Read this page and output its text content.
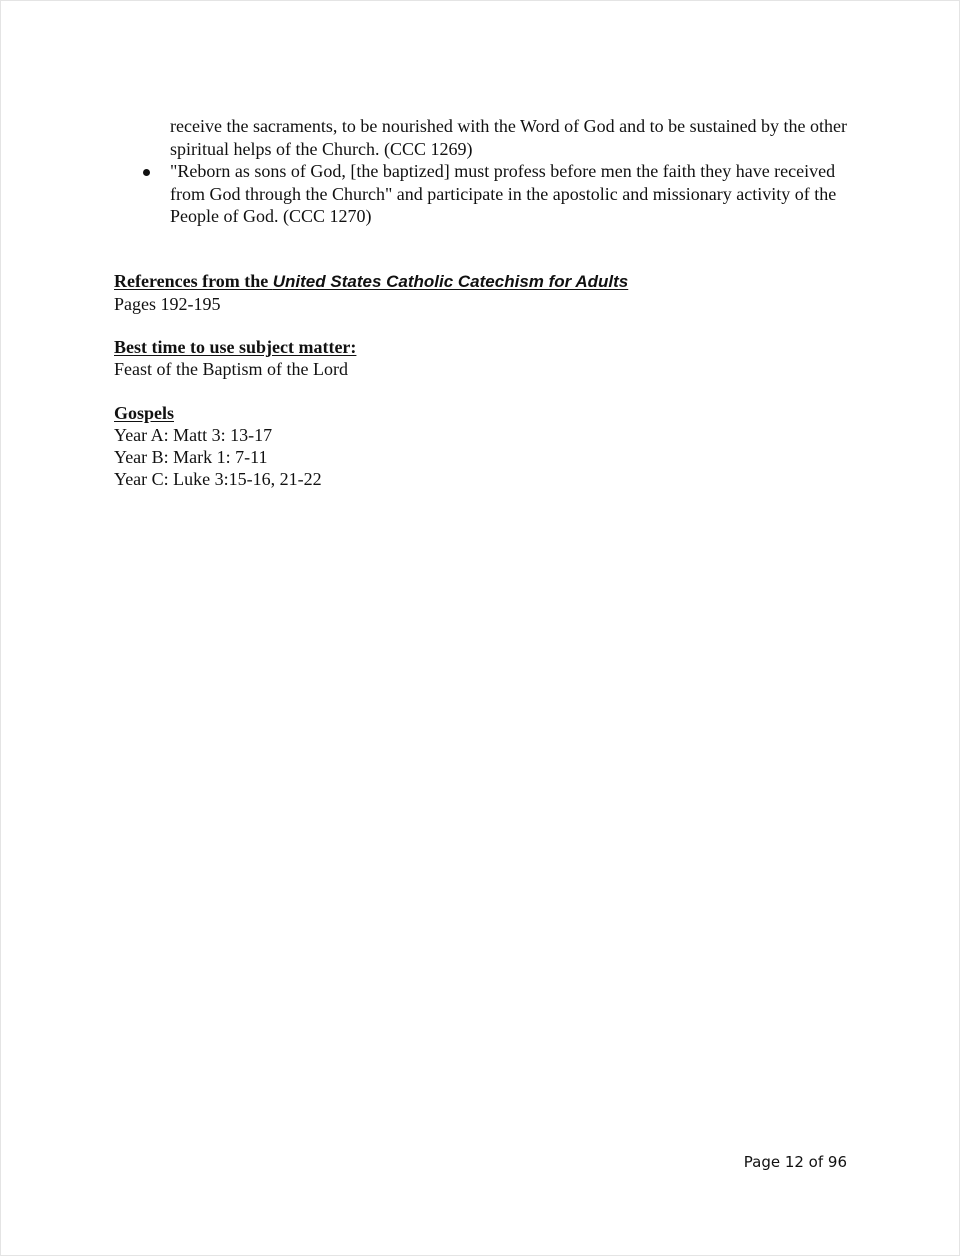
receive the sacraments, to be nourished with the Word of God and to be sustained by the other spiritual helps of the Church. (CCC 1269)
"Reborn as sons of God, [the baptized] must profess before men the faith they have received from God through the Church" and participate in the apostolic and missionary activity of the People of God. (CCC 1270)
References from the United States Catholic Catechism for Adults
Pages 192-195
Best time to use subject matter:
Feast of the Baptism of the Lord
Gospels
Year A: Matt 3: 13-17
Year B: Mark 1: 7-11
Year C: Luke 3:15-16, 21-22
Page 12 of 96
